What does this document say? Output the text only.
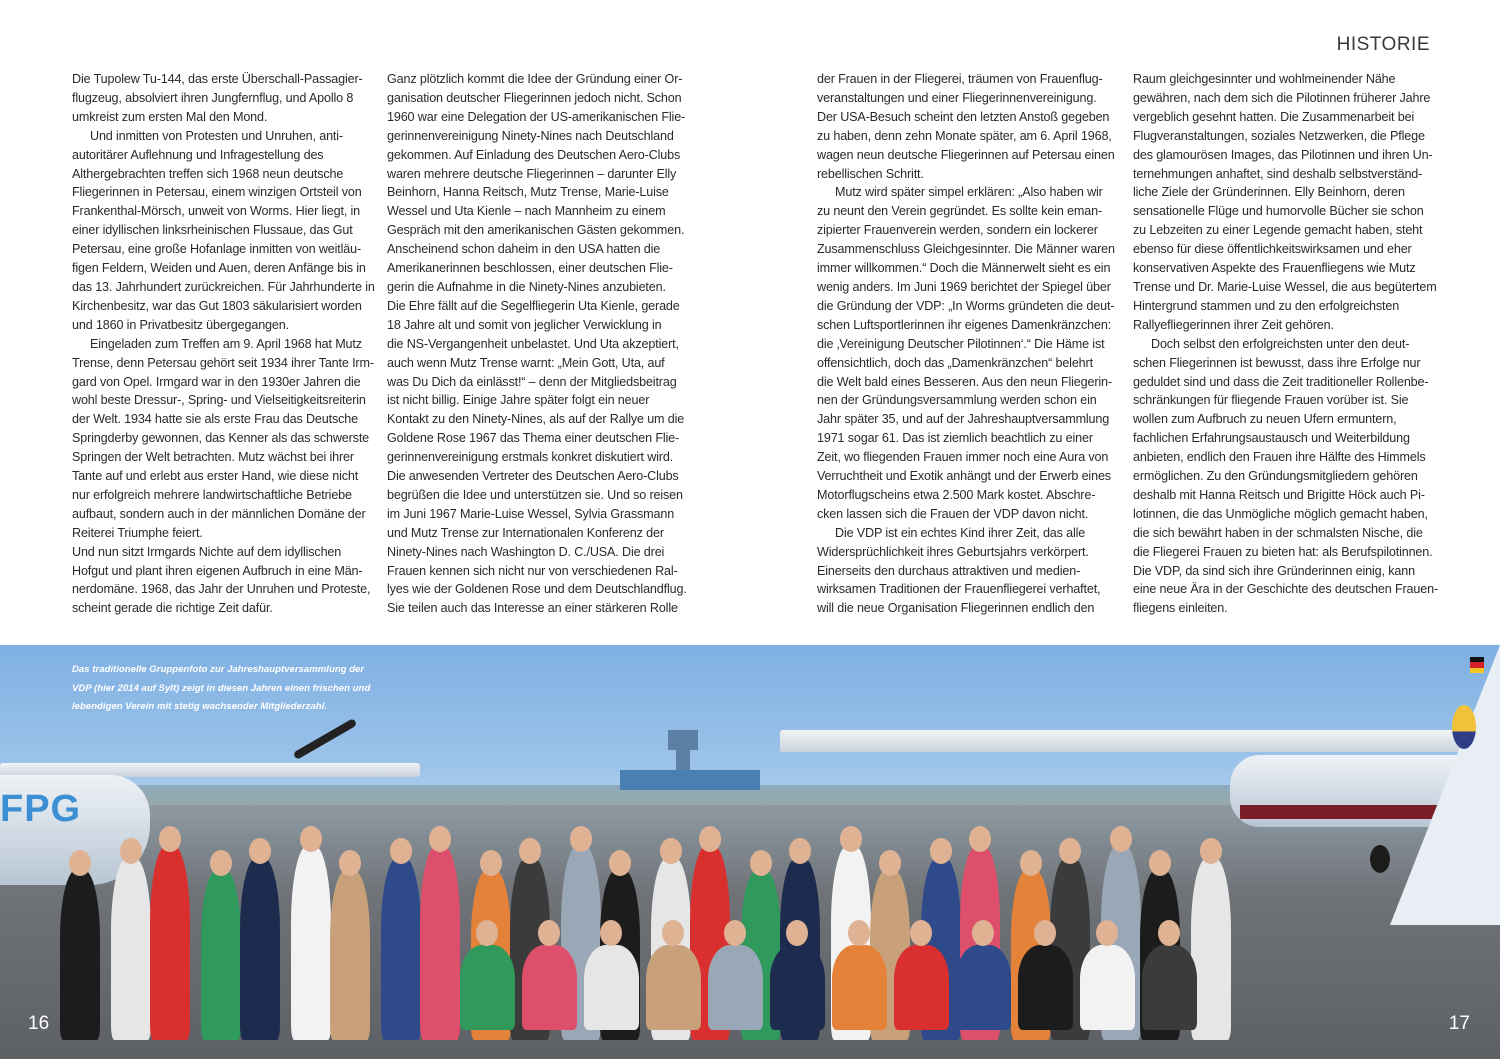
HISTORIE
Die Tupolew Tu-144, das erste Überschall-Passagier-
flugzeug, absolviert ihren Jungfernflug, und Apollo 8
umkreist zum ersten Mal den Mond.
Und inmitten von Protesten und Unruhen, anti-
autoritärer Auflehnung und Infragestellung des
Althergebrachten treffen sich 1968 neun deutsche
Fliegerinnen in Petersau, einem winzigen Ortsteil von
Frankenthal-Mörsch, unweit von Worms. Hier liegt, in
einer idyllischen linksrheinischen Flussaue, das Gut
Petersau, eine große Hofanlage inmitten von weitläu-
figen Feldern, Weiden und Auen, deren Anfänge bis in
das 13. Jahrhundert zurückreichen. Für Jahrhunderte in
Kirchenbesitz, war das Gut 1803 säkularisiert worden
und 1860 in Privatbesitz übergegangen.
Eingeladen zum Treffen am 9. April 1968 hat Mutz
Trense, denn Petersau gehört seit 1934 ihrer Tante Irm-
gard von Opel. Irmgard war in den 1930er Jahren die
wohl beste Dressur-, Spring- und Vielseitigkeitsreiterin
der Welt. 1934 hatte sie als erste Frau das Deutsche
Springderby gewonnen, das Kenner als das schwerste
Springen der Welt betrachten. Mutz wächst bei ihrer
Tante auf und erlebt aus erster Hand, wie diese nicht
nur erfolgreich mehrere landwirtschaftliche Betriebe
aufbaut, sondern auch in der männlichen Domäne der
Reiterei Triumphe feiert.
Und nun sitzt Irmgards Nichte auf dem idyllischen
Hofgut und plant ihren eigenen Aufbruch in eine Män-
nerdomäne. 1968, das Jahr der Unruhen und Proteste,
scheint gerade die richtige Zeit dafür.
Ganz plötzlich kommt die Idee der Gründung einer Or-
ganisation deutscher Fliegerinnen jedoch nicht. Schon
1960 war eine Delegation der US-amerikanischen Flie-
gerinnenvereinigung Ninety-Nines nach Deutschland
gekommen. Auf Einladung des Deutschen Aero-Clubs
waren mehrere deutsche Fliegerinnen – darunter Elly
Beinhorn, Hanna Reitsch, Mutz Trense, Marie-Luise
Wessel und Uta Kienle – nach Mannheim zu einem
Gespräch mit den amerikanischen Gästen gekommen.
Anscheinend schon daheim in den USA hatten die
Amerikanerinnen beschlossen, einer deutschen Flie-
gerin die Aufnahme in die Ninety-Nines anzubieten.
Die Ehre fällt auf die Segelfliegerin Uta Kienle, gerade
18 Jahre alt und somit von jeglicher Verwicklung in
die NS-Vergangenheit unbelastet. Und Uta akzeptiert,
auch wenn Mutz Trense warnt: „Mein Gott, Uta, auf
was Du Dich da einlässt!“ – denn der Mitgliedsbeitrag
ist nicht billig. Einige Jahre später folgt ein neuer
Kontakt zu den Ninety-Nines, als auf der Rallye um die
Goldene Rose 1967 das Thema einer deutschen Flie-
gerinnenvereinigung erstmals konkret diskutiert wird.
Die anwesenden Vertreter des Deutschen Aero-Clubs
begrüßen die Idee und unterstützen sie. Und so reisen
im Juni 1967 Marie-Luise Wessel, Sylvia Grassmann
und Mutz Trense zur Internationalen Konferenz der
Ninety-Nines nach Washington D. C./USA. Die drei
Frauen kennen sich nicht nur von verschiedenen Ral-
lyes wie der Goldenen Rose und dem Deutschlandflug.
Sie teilen auch das Interesse an einer stärkeren Rolle
der Frauen in der Fliegerei, träumen von Frauenflug-
veranstaltungen und einer Fliegerinnenvereinigung.
Der USA-Besuch scheint den letzten Anstoß gegeben
zu haben, denn zehn Monate später, am 6. April 1968,
wagen neun deutsche Fliegerinnen auf Petersau einen
rebellischen Schritt.
Mutz wird später simpel erklären: „Also haben wir
zu neunt den Verein gegründet. Es sollte kein eman-
zipierter Frauenverein werden, sondern ein lockerer
Zusammenschluss Gleichgesinnter. Die Männer waren
immer willkommen.“ Doch die Männerwelt sieht es ein
wenig anders. Im Juni 1969 berichtet der Spiegel über
die Gründung der VDP: „In Worms gründeten die deut-
schen Luftsportlerinnen ihr eigenes Damenkränzchen:
die ‚Vereinigung Deutscher Pilotinnen‘.“ Die Häme ist
offensichtlich, doch das „Damenkränzchen“ belehrt
die Welt bald eines Besseren. Aus den neun Fliegerin-
nen der Gründungsversammlung werden schon ein
Jahr später 35, und auf der Jahreshauptversammlung
1971 sogar 61. Das ist ziemlich beachtlich zu einer
Zeit, wo fliegenden Frauen immer noch eine Aura von
Verruchtheit und Exotik anhängt und der Erwerb eines
Motorflugscheins etwa 2.500 Mark kostet. Abschre-
cken lassen sich die Frauen der VDP davon nicht.
Die VDP ist ein echtes Kind ihrer Zeit, das alle
Widersprüchlichkeit ihres Geburtsjahrs verkörpert.
Einerseits den durchaus attraktiven und medien-
wirksamen Traditionen der Frauenfliegerei verhaftet,
will die neue Organisation Fliegerinnen endlich den
Raum gleichgesinnter und wohlmeinender Nähe
gewähren, nach dem sich die Pilotinnen früherer Jahre
vergeblich gesehnt hatten. Die Zusammenarbeit bei
Flugveranstaltungen, soziales Netzwerken, die Pflege
des glamourösen Images, das Pilotinnen und ihren Un-
ternehmungen anhaftet, sind deshalb selbstverständ-
liche Ziele der Gründerinnen. Elly Beinhorn, deren
sensationelle Flüge und humorvolle Bücher sie schon
zu Lebzeiten zu einer Legende gemacht haben, steht
ebenso für diese öffentlichkeitswirksamen und eher
konservativen Aspekte des Frauenfliegens wie Mutz
Trense und Dr. Marie-Luise Wessel, die aus begütertem
Hintergrund stammen und zu den erfolgreichsten
Rallyefliegerinnen ihrer Zeit gehören.
Doch selbst den erfolgreichsten unter den deut-
schen Fliegerinnen ist bewusst, dass ihre Erfolge nur
geduldet sind und dass die Zeit traditioneller Rollenbe-
schränkungen für fliegende Frauen vorüber ist. Sie
wollen zum Aufbruch zu neuen Ufern ermuntern,
fachlichen Erfahrungsaustausch und Weiterbildung
anbieten, endlich den Frauen ihre Hälfte des Himmels
ermöglichen. Zu den Gründungsmitgliedern gehören
deshalb mit Hanna Reitsch und Brigitte Höck auch Pi-
lotinnen, die das Unmögliche möglich gemacht haben,
die sich bewährt haben in der schmalsten Nische, die
die Fliegerei Frauen zu bieten hat: als Berufspilotinnen.
Die VDP, da sind sich ihre Gründerinnen einig, kann
eine neue Ära in der Geschichte des deutschen Frauen-
fliegens einleiten.
FPG
Das traditionelle Gruppenfoto zur Jahreshauptversammlung der
VDP (hier 2014 auf Sylt) zeigt in diesen Jahren einen frischen und
lebendigen Verein mit stetig wachsender Mitgliederzahl.
16	17
